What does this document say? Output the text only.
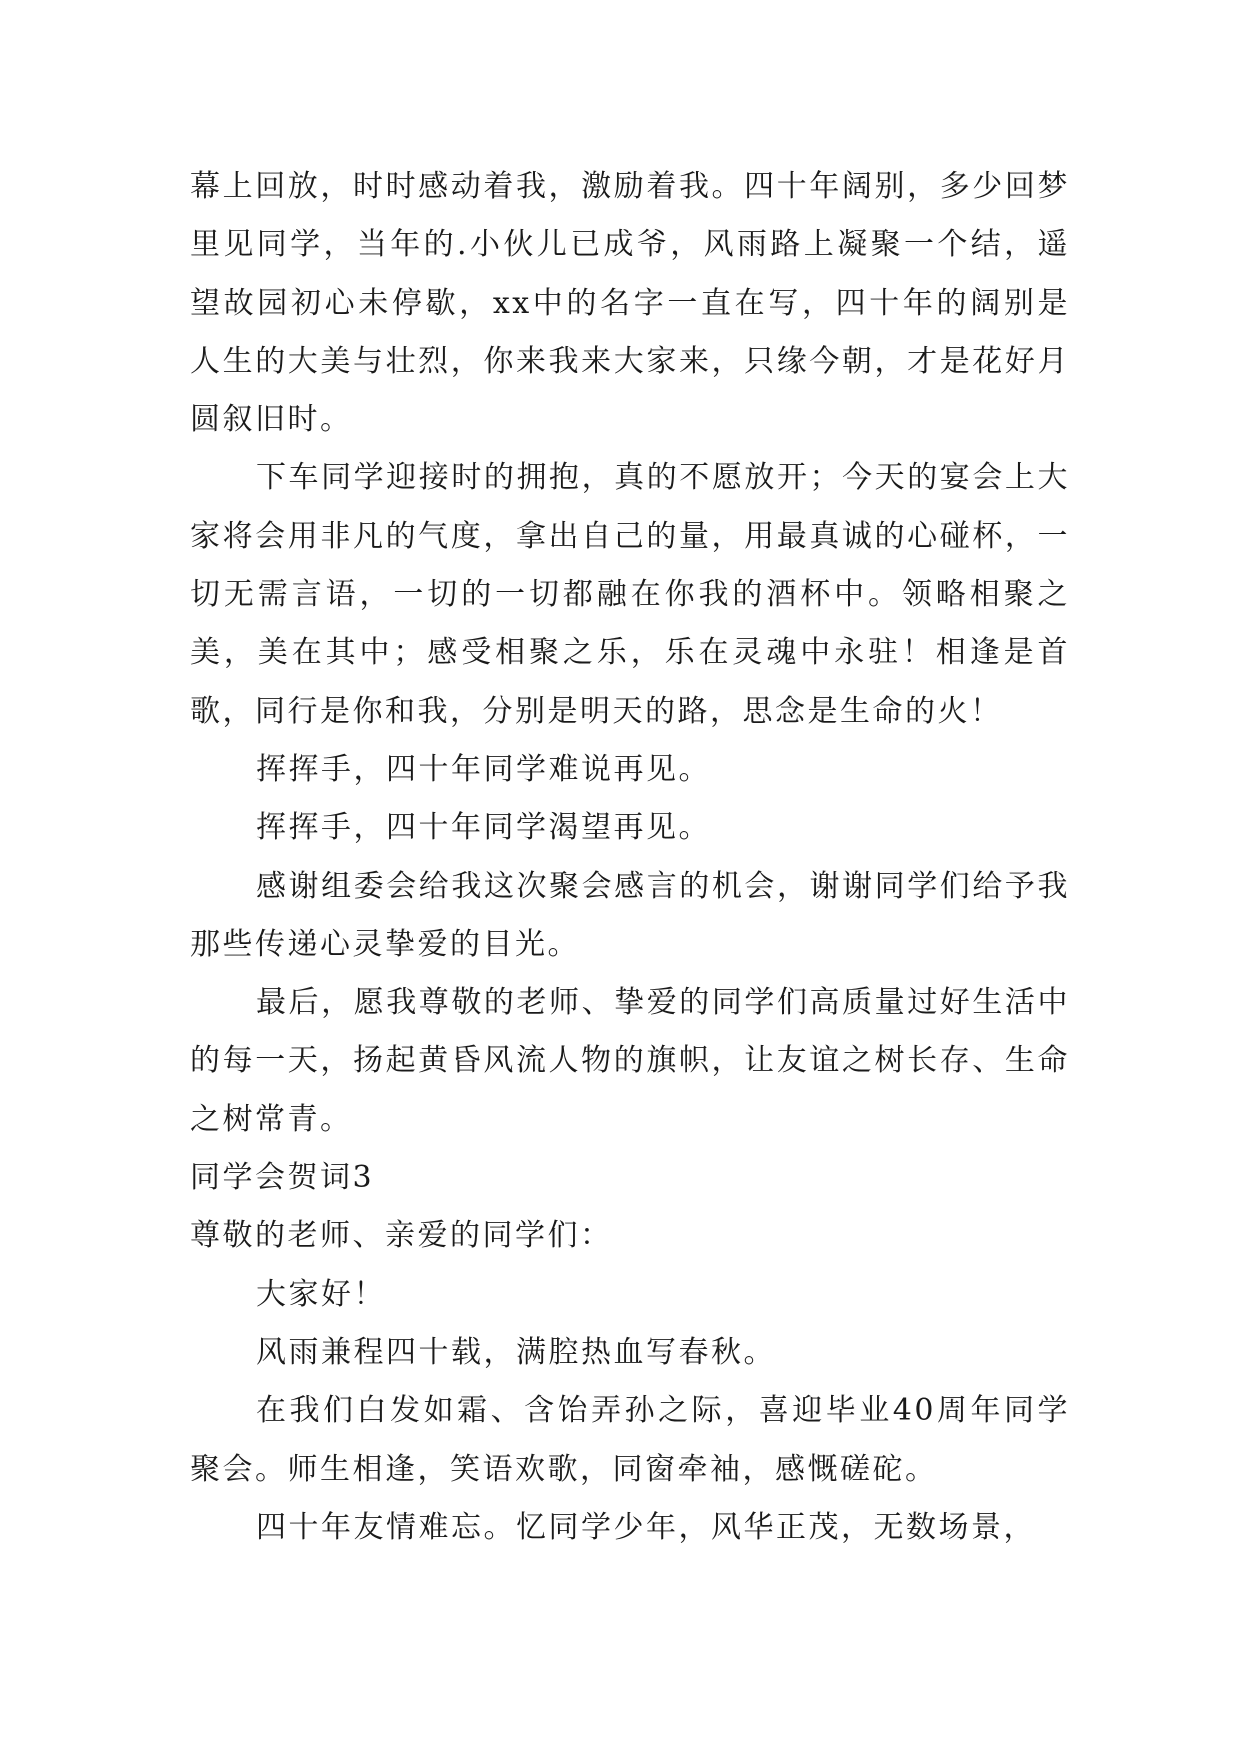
幕上回放，时时感动着我，激励着我。四十年阔别，多少回梦里见同学，当年的.小伙儿已成爷，风雨路上凝聚一个结，遥望故园初心未停歇，xx中的名字一直在写，四十年的阔别是人生的大美与壮烈，你来我来大家来，只缘今朝，才是花好月圆叙旧时。

下车同学迎接时的拥抱，真的不愿放开；今天的宴会上大家将会用非凡的气度，拿出自己的量，用最真诚的心碰杯，一切无需言语，一切的一切都融在你我的酒杯中。领略相聚之美，美在其中；感受相聚之乐，乐在灵魂中永驻！相逢是首歌，同行是你和我，分别是明天的路，思念是生命的火！

挥挥手，四十年同学难说再见。

挥挥手，四十年同学渴望再见。

感谢组委会给我这次聚会感言的机会，谢谢同学们给予我那些传递心灵挚爱的目光。

最后，愿我尊敬的老师、挚爱的同学们高质量过好生活中的每一天，扬起黄昏风流人物的旗帜，让友谊之树长存、生命之树常青。

同学会贺词3

尊敬的老师、亲爱的同学们：

大家好！

风雨兼程四十载，满腔热血写春秋。

在我们白发如霜、含饴弄孙之际，喜迎毕业40周年同学聚会。师生相逢，笑语欢歌，同窗牵袖，感慨磋砣。

四十年友情难忘。忆同学少年，风华正茂，无数场景，
